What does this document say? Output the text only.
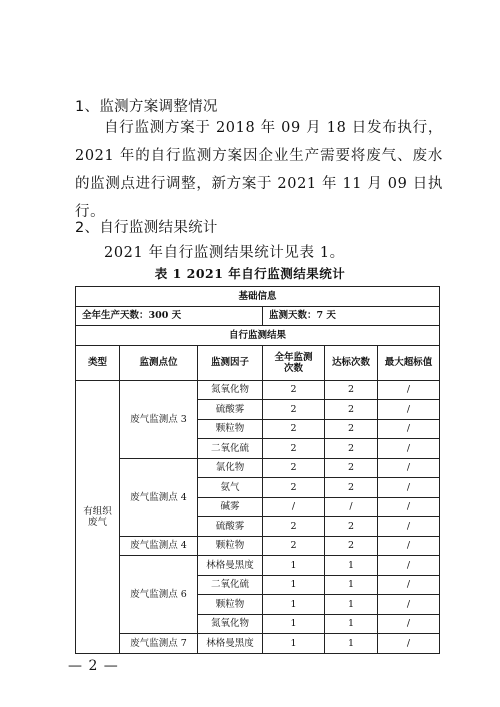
1、监测方案调整情况
自行监测方案于 2018 年 09 月 18 日发布执行，2021 年的自行监测方案因企业生产需要将废气、废水的监测点进行调整，新方案于 2021 年 11 月 09 日执行。
2、自行监测结果统计
2021 年自行监测结果统计见表 1。
表 1 2021 年自行监测结果统计
基础信息					
全年生产天数：300 天			监测天数：7 天		
自行监测结果					
类型	监测点位	监测因子	全年监测次数	达标次数	最大超标值
有组织废气	废气监测点 3	氮氧化物	2	2	/
		硫酸雾	2	2	/
		颗粒物	2	2	/
		二氧化硫	2	2	/
	废气监测点 4	氯化物	2	2	/
		氨气	2	2	/
		碱雾	/	/	/
		硫酸雾	2	2	/
	废气监测点 4	颗粒物	2	2	/
	废气监测点 6	林格曼黑度	1	1	/
		二氧化硫	1	1	/
		颗粒物	1	1	/
		氮氧化物	1	1	/
	废气监测点 7	林格曼黑度	1	1	/
— 2 —
